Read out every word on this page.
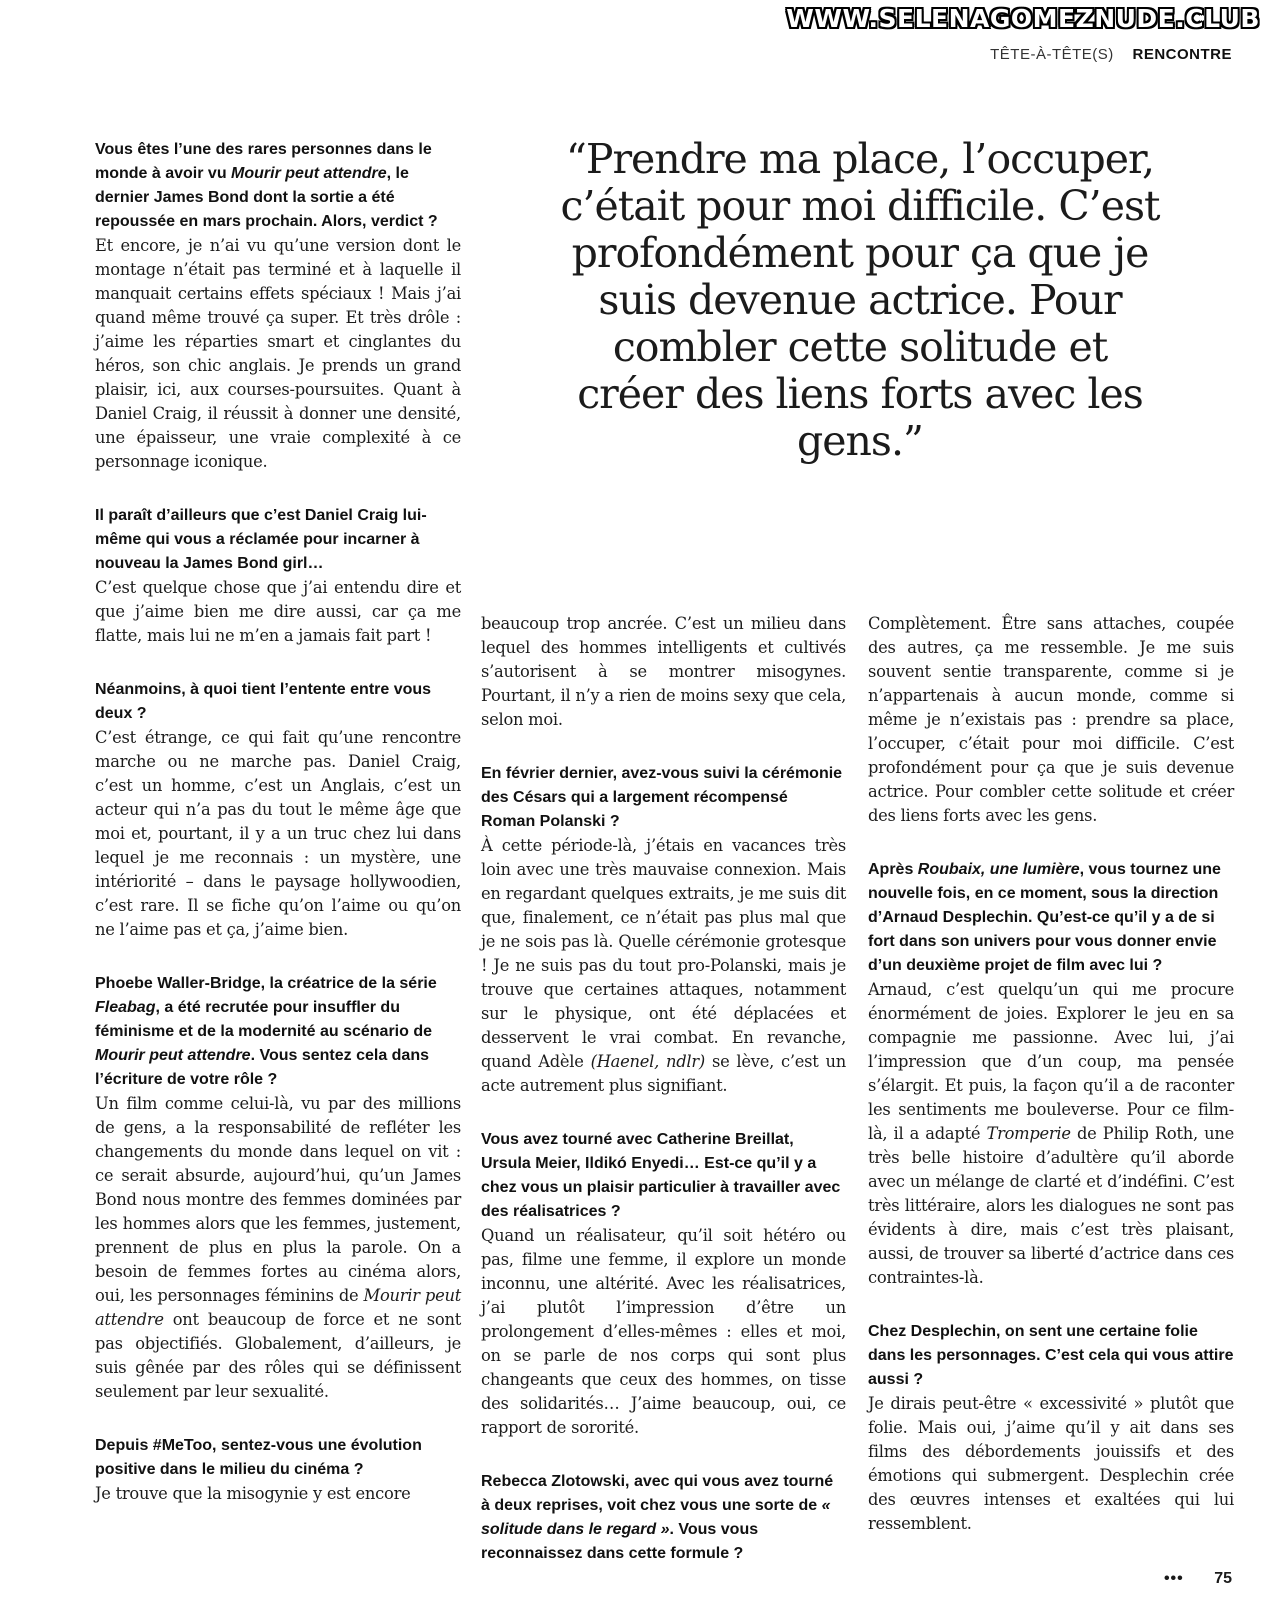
WWW.SELENAGOMEZNUDE.CLUB
TÊTE-À-TÊTE(S) RENCONTRE

“Prendre ma place, l’occuper, c’était pour moi difficile. C’est profondément pour ça que je suis devenue actrice. Pour combler cette solitude et créer des liens forts avec les gens.”

Vous êtes l’une des rares personnes dans le monde à avoir vu Mourir peut attendre, le dernier James Bond dont la sortie a été repoussée en mars prochain. Alors, verdict ?

Et encore, je n’ai vu qu’une version dont le montage n’était pas terminé et à laquelle il manquait certains effets spéciaux ! Mais j’ai quand même trouvé ça super. Et très drôle : j’aime les réparties smart et cinglantes du héros, son chic anglais. Je prends un grand plaisir, ici, aux courses-poursuites. Quant à Daniel Craig, il réussit à donner une densité, une épaisseur, une vraie complexité à ce personnage iconique.

Il paraît d’ailleurs que c’est Daniel Craig lui-même qui vous a réclamée pour incarner à nouveau la James Bond girl…

C’est quelque chose que j’ai entendu dire et que j’aime bien me dire aussi, car ça me flatte, mais lui ne m’en a jamais fait part !

Néanmoins, à quoi tient l’entente entre vous deux ?

C’est étrange, ce qui fait qu’une rencontre marche ou ne marche pas. Daniel Craig, c’est un homme, c’est un Anglais, c’est un acteur qui n’a pas du tout le même âge que moi et, pourtant, il y a un truc chez lui dans lequel je me reconnais : un mystère, une intériorité – dans le paysage hollywoodien, c’est rare. Il se fiche qu’on l’aime ou qu’on ne l’aime pas et ça, j’aime bien.

Phoebe Waller-Bridge, la créatrice de la série Fleabag, a été recrutée pour insuffler du féminisme et de la modernité au scénario de Mourir peut attendre. Vous sentez cela dans l’écriture de votre rôle ?

Un film comme celui-là, vu par des millions de gens, a la responsabilité de refléter les changements du monde dans lequel on vit : ce serait absurde, aujourd’hui, qu’un James Bond nous montre des femmes dominées par les hommes alors que les femmes, justement, prennent de plus en plus la parole. On a besoin de femmes fortes au cinéma alors, oui, les personnages féminins de Mourir peut attendre ont beaucoup de force et ne sont pas objectifiés. Globalement, d’ailleurs, je suis gênée par des rôles qui se définissent seulement par leur sexualité.

Depuis #MeToo, sentez-vous une évolution positive dans le milieu du cinéma ?

Je trouve que la misogynie y est encore

beaucoup trop ancrée. C’est un milieu dans lequel des hommes intelligents et cultivés s’autorisent à se montrer misogynes. Pourtant, il n’y a rien de moins sexy que cela, selon moi.

En février dernier, avez-vous suivi la cérémonie des Césars qui a largement récompensé Roman Polanski ?

À cette période-là, j’étais en vacances très loin avec une très mauvaise connexion. Mais en regardant quelques extraits, je me suis dit que, finalement, ce n’était pas plus mal que je ne sois pas là. Quelle cérémonie grotesque ! Je ne suis pas du tout pro-Polanski, mais je trouve que certaines attaques, notamment sur le physique, ont été déplacées et desservent le vrai combat. En revanche, quand Adèle (Haenel, ndlr) se lève, c’est un acte autrement plus signifiant.

Vous avez tourné avec Catherine Breillat, Ursula Meier, Ildikó Enyedi… Est-ce qu’il y a chez vous un plaisir particulier à travailler avec des réalisatrices ?

Quand un réalisateur, qu’il soit hétéro ou pas, filme une femme, il explore un monde inconnu, une altérité. Avec les réalisatrices, j’ai plutôt l’impression d’être un prolongement d’elles-mêmes : elles et moi, on se parle de nos corps qui sont plus changeants que ceux des hommes, on tisse des solidarités… J’aime beaucoup, oui, ce rapport de sororité.

Rebecca Zlotowski, avec qui vous avez tourné à deux reprises, voit chez vous une sorte de « solitude dans le regard ». Vous vous reconnaissez dans cette formule ?

Complètement. Être sans attaches, coupée des autres, ça me ressemble. Je me suis souvent sentie transparente, comme si je n’appartenais à aucun monde, comme si même je n’existais pas : prendre sa place, l’occuper, c’était pour moi difficile. C’est profondément pour ça que je suis devenue actrice. Pour combler cette solitude et créer des liens forts avec les gens.

Après Roubaix, une lumière, vous tournez une nouvelle fois, en ce moment, sous la direction d’Arnaud Desplechin. Qu’est-ce qu’il y a de si fort dans son univers pour vous donner envie d’un deuxième projet de film avec lui ?

Arnaud, c’est quelqu’un qui me procure énormément de joies. Explorer le jeu en sa compagnie me passionne. Avec lui, j’ai l’impression que d’un coup, ma pensée s’élargit. Et puis, la façon qu’il a de raconter les sentiments me bouleverse. Pour ce film-là, il a adapté Tromperie de Philip Roth, une très belle histoire d’adultère qu’il aborde avec un mélange de clarté et d’indéfini. C’est très littéraire, alors les dialogues ne sont pas évidents à dire, mais c’est très plaisant, aussi, de trouver sa liberté d’actrice dans ces contraintes-là.

Chez Desplechin, on sent une certaine folie dans les personnages. C’est cela qui vous attire aussi ?

Je dirais peut-être « excessivité » plutôt que folie. Mais oui, j’aime qu’il y ait dans ses films des débordements jouissifs et des émotions qui submergent. Desplechin crée des œuvres intenses et exaltées qui lui ressemblent.

••• 75
